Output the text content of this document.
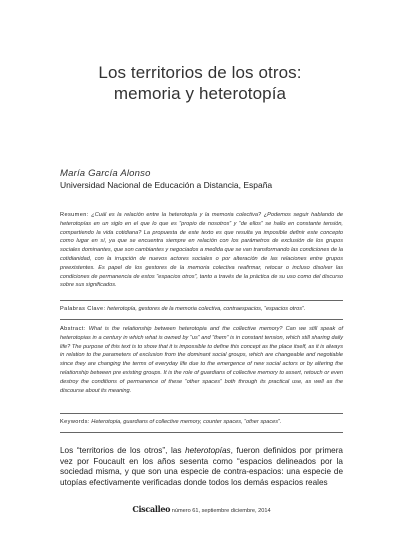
Los territorios de los otros:
memoria y heterotopía
María García Alonso
Universidad Nacional de Educación a Distancia, España

Resumen: ¿Cuál es la relación entre la heterotopía y la memoria colectiva? ¿Podemos seguir hablando de heterotopías en un siglo en el que lo que es “propio de nosotros” y “de ellos” se hallo en constante tensión, compartiendo la vida cotidiana? La propuesta de este texto es que resulta ya imposible definir este concepto como lugar en sí, ya que se encuentra siempre en relación con los parámetros de exclusión de los grupos sociales dominantes, que son cambiantes y negociados a medida que se van transformando las condiciones de la cotidianidad, con la irrupción de nuevos actores sociales o por alteración de las relaciones entre grupos preexistentes. Es papel de los gestores de la memoria colectiva reafirmar, retocar o incluso disolver las condiciones de permanencia de estos “espacios otros”, tanto a través de la práctica de su uso como del discurso sobre sus significados.

Palabras Clave: heterotopía, gestores de la memoria colectiva, contraespacios, “espacios otros”.

Abstract: What is the relationship between heterotopia and the collective memory? Can we still speak of heterotopias in a century in which what is owned by “us” and “them” is in constant tension, which still sharing daily life? The purpose of this text is to show that it is impossible to define this concept as the place itself, as it is always in relation to the parameters of exclusion from the dominant social groups, which are changeable and negotiable since they are changing the terms of everyday life due to the emergence of new social actors or by altering the relationship between pre existing groups. It is the role of guardians of collective memory to assert, retouch or even destroy the conditions of permanence of these “other spaces” both through its practical use, as well as the discourse about its meaning.

Keywords: Heterotopia, guardians of collective memory, counter spaces, “other spaces”.

Los “territorios de los otros”, las heterotopías, fueron definidos por primera vez por Foucault en los años sesenta como “espacios delineados por la sociedad misma, y que son una especie de contra-espacios: una especie de utopías efectivamente verificadas donde todos los demás espacios reales

Ciscalleo número 61, septiembre diciembre, 2014
